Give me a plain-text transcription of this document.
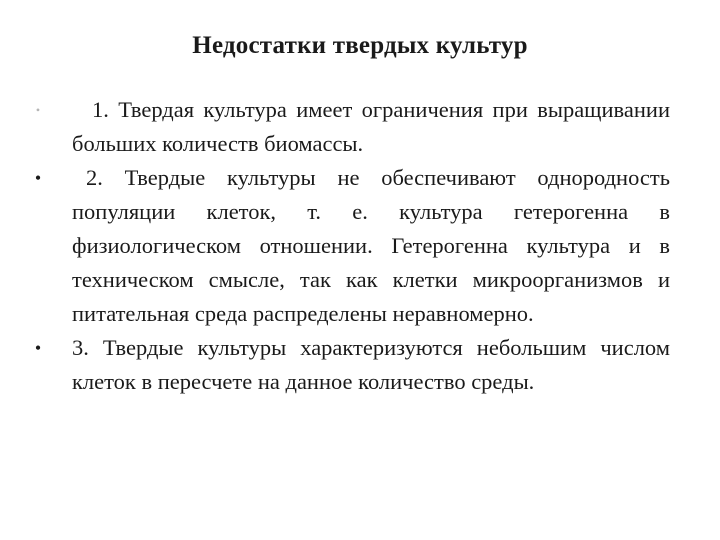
Недостатки твердых культур
•	1. Твердая культура имеет ограничения при выращивании больших количеств биомассы.
•	2. Твердые культуры не обеспечивают однородность популяции клеток, т. е. культура гетерогенна в физиологическом отношении. Гетерогенна культура и в техническом смысле, так как клетки микроорганизмов и питательная среда распределены неравномерно.
• 3. Твердые культуры характеризуются небольшим числом клеток в пересчете на данное количество среды.
